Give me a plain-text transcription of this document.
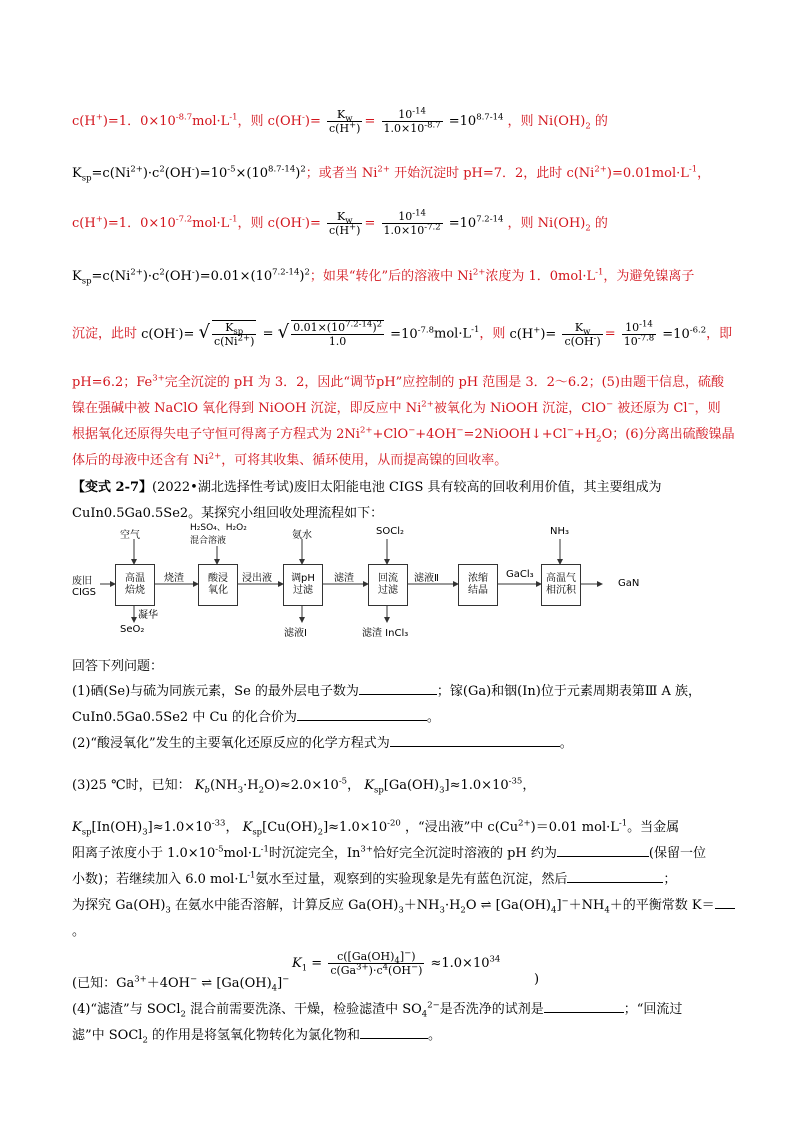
c(H+)=1．$0\times 10^{-8.7}mol\cdot L^{-1}$，则 $c(OH^-)= \frac{K_w}{c(H^+)} = \frac{10^{-14}}{1.0\times 10^{-8.7}} =10^{8.7-14}$ ，则 $Ni(OH)_2$ 的
$K_{sp}=c(Ni^{2+})\cdot c^2(OH^-)=10^{-5}\times(10^{8.7-14})^2$；或者当 $Ni^{2+}$ 开始沉淀时 pH=7．2，此时 $c(Ni^{2+})=0.01mol\cdot L^{-1}$，
c(H+)=1．$0\times 10^{-7.2}mol\cdot L^{-1}$，则 $c(OH^-)= \frac{K_w}{c(H^+)} = \frac{10^{-14}}{1.0\times 10^{-7.2}} =10^{7.2-14}$ ，则 $Ni(OH)_2$ 的
$K_{sp}=c(Ni^{2+})\cdot c^2(OH^-)=0.01\times(10^{7.2-14})^2$；如果“转化”后的溶液中 $Ni^{2+}$浓度为 1．$0mol\cdot L^{-1}$，为避免镍离子
沉淀，此时 c(OH-)= √ $\frac{K_{sp}}{c(Ni^{2+})}$ = √ $\frac{0.01\times(10^{7.2-14})^2}{1.0} =10^{-7.8}mol\cdot L^{-1}$，则 $c(H^+)= \frac{K_w}{c(OH^-)} = \frac{10^{-14}}{10^{-7.8}} =10^{-6.2}$，即
pH=6.2；$Fe^{3+}$完全沉淀的 pH 为 3．2，因此“调节pH”应控制的 pH 范围是 3．2～6.2；(5)由题干信息，硫酸
镍在强碱中被 NaClO 氧化得到 NiOOH 沉淀，即反应中 $Ni^{2+}$被氧化为 NiOOH 沉淀，ClO− 被还原为 Cl−，则
根据氧化还原得失电子守恒可得离子方程式为 $2Ni^{2+}+ClO^-+4OH^-=2NiOOH↓+Cl^-+H_2O$；(6)分离出硫酸镍晶
体后的母液中还含有 $Ni^{2+}$，可将其收集、循环使用，从而提高镍的回收率。
【变式 2-7】(2022•湖北选择性考试)废旧太阳能电池 CIGS 具有较高的回收利用价值，其主要组成为
CuIn0.5Ga0.5Se2。某探究小组回收处理流程如下：
废旧
CIGS
高温
焙烧
酸浸
氧化
调pH
过滤
回流
过滤
浓缩
结晶
高温气
相沉积
空气
H₂SO₄、H₂O₂
混合溶液	氨水	SOCl₂	NH₃
烧渣	浸出液	滤渣	滤液Ⅱ	GaCl₃
GaN
凝华
SeO₂	滤液Ⅰ	滤渣 InCl₃
回答下列问题：
(1)硒(Se)与硫为同族元素，Se 的最外层电子数为	；镓(Ga)和铟(In)位于元素周期表第Ⅲ A 族，
CuIn0.5Ga0.5Se2 中 Cu 的化合价为	。
(2)“酸浸氧化”发生的主要氧化还原反应的化学方程式为	。
(3)25 ℃时，已知： $K_b(NH_3\cdot H_2O)\approx 2.0\times 10^{-5}$， $K_{sp}[Ga(OH)_3]\approx 1.0\times 10^{-35}$，
$K_{sp}[In(OH)_3]\approx 1.0\times 10^{-33}$， $K_{sp}[Cu(OH)_2]\approx 1.0\times 10^{-20}$ ，“浸出液”中 $c(Cu^{2+})=0.01$ $mol\cdot L^{-1}$。当金属
阳离子浓度小于 $1.0\times 10^{-5}mol\cdot L^{-1}$时沉淀完全，$In^{3+}$恰好完全沉淀时溶液的 pH 约为	(保留一位
小数)；若继续加入 6.0 $mol\cdot L^{-1}$氨水至过量，观察到的实验现象是先有蓝色沉淀，然后	；
为探究 $Ga(OH)_3$ 在氨水中能否溶解，计算反应 $Ga(OH)_3+NH_3\cdot H_2O$ ⇌ $[Ga(OH)_4]^-+NH_4+$的平衡常数 K＝
。
$K_1 = \frac{c([Ga(OH)_4]^-)}{c(Ga^{3+})\cdot c^4(OH^-)} \approx 1.0\times 10^{34}$
(已知：$Ga^{3+}+4OH^-$ ⇌ $[Ga(OH)_4]^-$	)
(4)“滤渣”与 SOCl$_2$ 混合前需要洗涤、干燥，检验滤渣中 $SO_4^{2-}$是否洗净的试剂是	；“回流过
滤”中 SOCl$_2$ 的作用是将氢氧化物转化为氯化物和	。
